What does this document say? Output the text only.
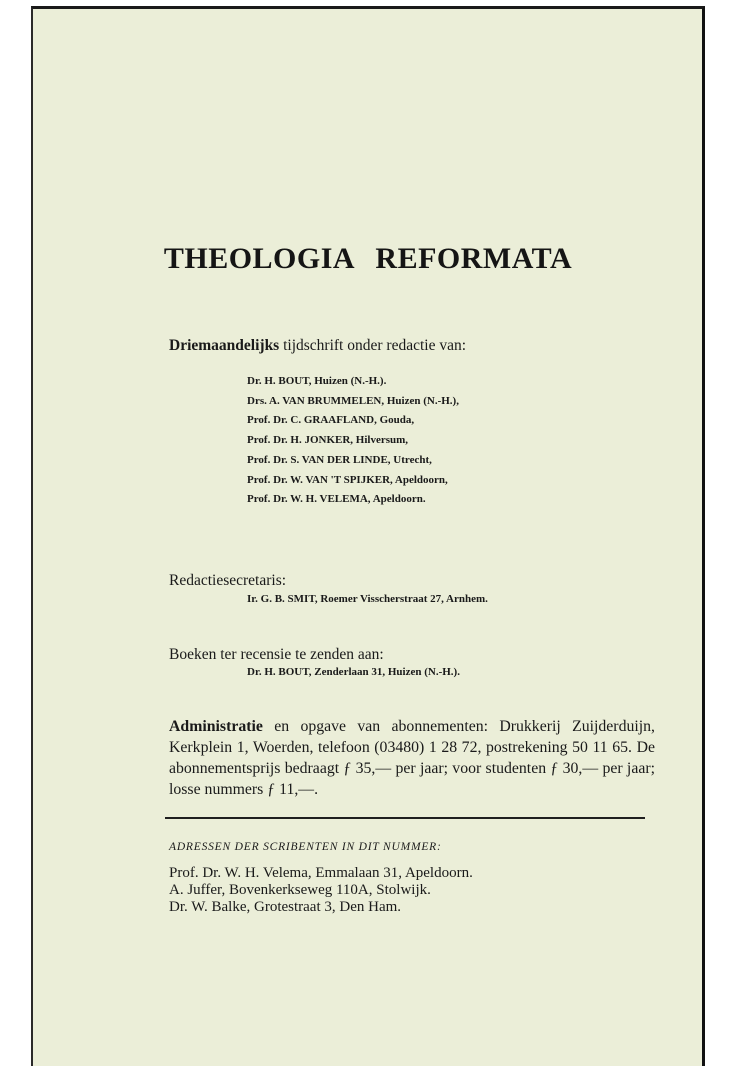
THEOLOGIA REFORMATA
Driemaandelijks tijdschrift onder redactie van:
Dr. H. BOUT, Huizen (N.-H.).
Drs. A. VAN BRUMMELEN, Huizen (N.-H.),
Prof. Dr. C. GRAAFLAND, Gouda,
Prof. Dr. H. JONKER, Hilversum,
Prof. Dr. S. VAN DER LINDE, Utrecht,
Prof. Dr. W. VAN 'T SPIJKER, Apeldoorn,
Prof. Dr. W. H. VELEMA, Apeldoorn.
Redactiesecretaris:
Ir. G. B. SMIT, Roemer Visscherstraat 27, Arnhem.
Boeken ter recensie te zenden aan:
Dr. H. BOUT, Zenderlaan 31, Huizen (N.-H.).

Administratie en opgave van abonnementen: Drukkerij Zuijderduijn, Kerkplein 1, Woerden, telefoon (03480) 1 28 72, postrekening 50 11 65. De abonnementsprijs bedraagt ƒ 35,— per jaar; voor studenten ƒ 30,— per jaar; losse nummers ƒ 11,—.

ADRESSEN DER SCRIBENTEN IN DIT NUMMER:
Prof. Dr. W. H. Velema, Emmalaan 31, Apeldoorn.
A. Juffer, Bovenkerkseweg 110A, Stolwijk.
Dr. W. Balke, Grotestraat 3, Den Ham.
